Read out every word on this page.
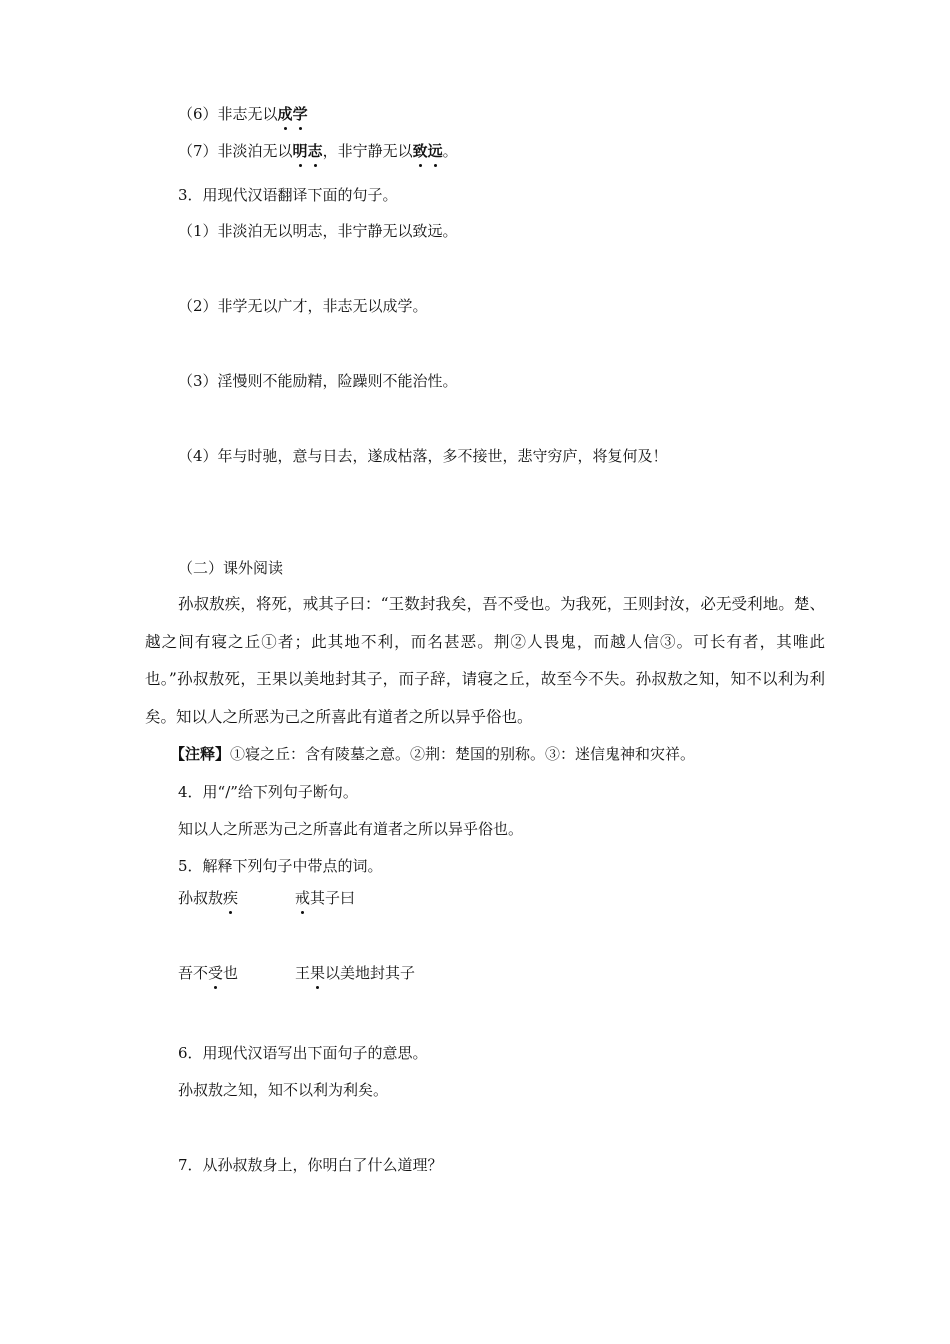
（6）非志无以成学
（7）非淡泊无以明志，非宁静无以致远。
3．用现代汉语翻译下面的句子。
（1）非淡泊无以明志，非宁静无以致远。
（2）非学无以广才，非志无以成学。
（3）淫慢则不能励精，险躁则不能治性。
（4）年与时驰，意与日去，遂成枯落，多不接世，悲守穷庐，将复何及！
（二）课外阅读
孙叔敖疾，将死，戒其子曰：“王数封我矣，吾不受也。为我死，王则封汝，必无受利地。楚、越之间有寝之丘①者；此其地不利，而名甚恶。荆②人畏鬼，而越人信③。可长有者，其唯此也。”孙叔敖死，王果以美地封其子，而子辞，请寝之丘，故至今不失。孙叔敖之知，知不以利为利矣。知以人之所恶为己之所喜此有道者之所以异乎俗也。
【注释】①寝之丘：含有陵墓之意。②荆：楚国的别称。③：迷信鬼神和灾祥。
4．用“/”给下列句子断句。
知以人之所恶为己之所喜此有道者之所以异乎俗也。
5．解释下列句子中带点的词。
孙叔敖疾	戒其子曰
吾不受也	王果以美地封其子
6．用现代汉语写出下面句子的意思。
孙叔敖之知，知不以利为利矣。
7．从孙叔敖身上，你明白了什么道理？
